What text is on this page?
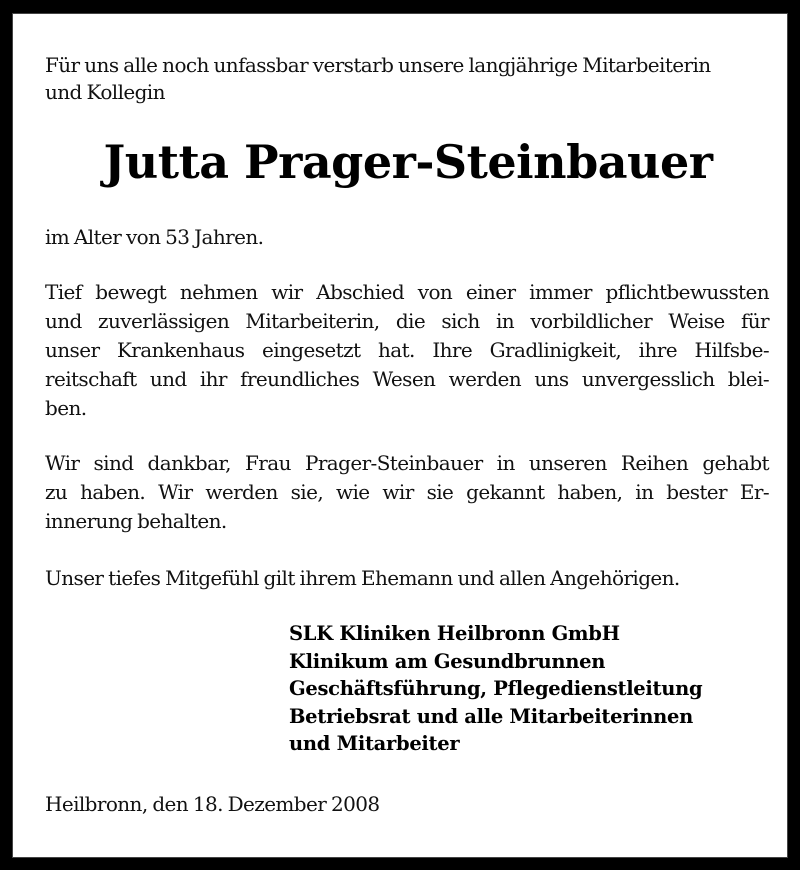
Für uns alle noch unfassbar verstarb unsere langjährige Mitarbeiterin
und Kollegin
Jutta Prager-Steinbauer
im Alter von 53 Jahren.
Tief bewegt nehmen wir Abschied von einer immer pflichtbewussten
und zuverlässigen Mitarbeiterin, die sich in vorbildlicher Weise für
unser Krankenhaus eingesetzt hat. Ihre Gradlinigkeit, ihre Hilfsbe-
reitschaft und ihr freundliches Wesen werden uns unvergesslich blei-
ben.
Wir sind dankbar, Frau Prager-Steinbauer in unseren Reihen gehabt
zu haben. Wir werden sie, wie wir sie gekannt haben, in bester Er-
innerung behalten.
Unser tiefes Mitgefühl gilt ihrem Ehemann und allen Angehörigen.
SLK Kliniken Heilbronn GmbH
Klinikum am Gesundbrunnen
Geschäftsführung, Pflegedienstleitung
Betriebsrat und alle Mitarbeiterinnen
und Mitarbeiter
Heilbronn, den 18. Dezember 2008
